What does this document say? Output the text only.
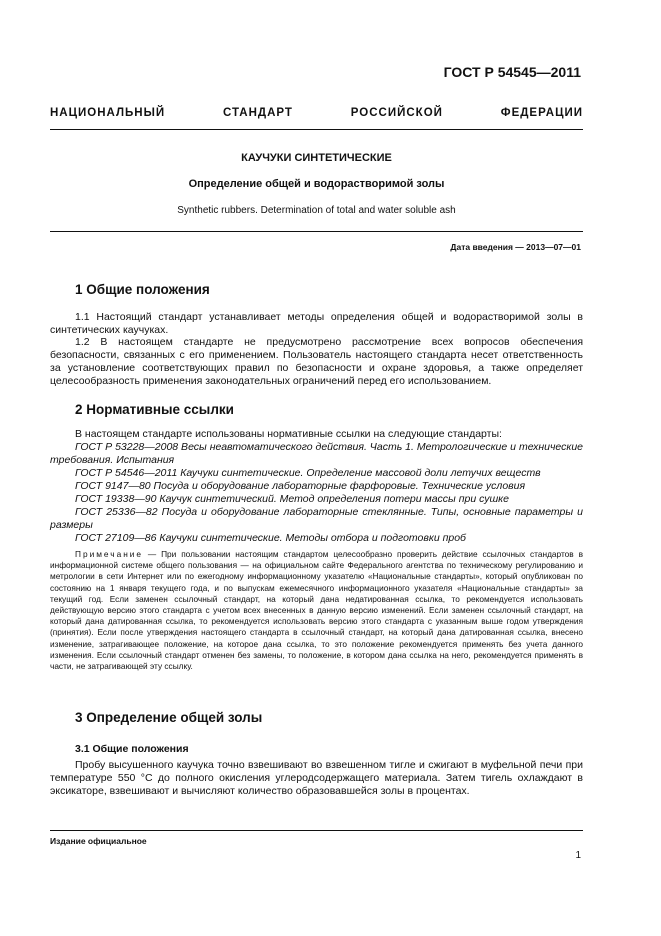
ГОСТ Р 54545—2011
НАЦИОНАЛЬНЫЙ СТАНДАРТ РОССИЙСКОЙ ФЕДЕРАЦИИ
КАУЧУКИ СИНТЕТИЧЕСКИЕ
Определение общей и водорастворимой золы
Synthetic rubbers. Determination of total and water soluble ash
Дата введения — 2013—07—01
1 Общие положения

1.1 Настоящий стандарт устанавливает методы определения общей и водорастворимой золы в синтетических каучуках.

1.2 В настоящем стандарте не предусмотрено рассмотрение всех вопросов обеспечения безопасности, связанных с его применением. Пользователь настоящего стандарта несет ответственность за установление соответствующих правил по безопасности и охране здоровья, а также определяет целесообразность применения законодательных ограничений перед его использованием.

2 Нормативные ссылки
В настоящем стандарте использованы нормативные ссылки на следующие стандарты:
ГОСТ Р 53228—2008 Весы неавтоматического действия. Часть 1. Метрологические и технические требования. Испытания
ГОСТ Р 54546—2011 Каучуки синтетические. Определение массовой доли летучих веществ
ГОСТ 9147—80 Посуда и оборудование лабораторные фарфоровые. Технические условия
ГОСТ 19338—90 Каучук синтетический. Метод определения потери массы при сушке
ГОСТ 25336—82 Посуда и оборудование лабораторные стеклянные. Типы, основные параметры и размеры
ГОСТ 27109—86 Каучуки синтетические. Методы отбора и подготовки проб

Примечание — При пользовании настоящим стандартом целесообразно проверить действие ссылочных стандартов в информационной системе общего пользования — на официальном сайте Федерального агентства по техническому регулированию и метрологии в сети Интернет или по ежегодному информационному указателю «Национальные стандарты», который опубликован по состоянию на 1 января текущего года, и по выпускам ежемесячного информационного указателя «Национальные стандарты» за текущий год. Если заменен ссылочный стандарт, на который дана недатированная ссылка, то рекомендуется использовать действующую версию этого стандарта с учетом всех внесенных в данную версию изменений. Если заменен ссылочный стандарт, на который дана датированная ссылка, то рекомендуется использовать версию этого стандарта с указанным выше годом утверждения (принятия). Если после утверждения настоящего стандарта в ссылочный стандарт, на который дана датированная ссылка, внесено изменение, затрагивающее положение, на которое дана ссылка, то это положение рекомендуется применять без учета данного изменения. Если ссылочный стандарт отменен без замены, то положение, в котором дана ссылка на него, рекомендуется применять в части, не затрагивающей эту ссылку.

3 Определение общей золы
3.1 Общие положения

Пробу высушенного каучука точно взвешивают во взвешенном тигле и сжигают в муфельной печи при температуре 550 °С до полного окисления углеродсодержащего материала. Затем тигель охлаждают в эксикаторе, взвешивают и вычисляют количество образовавшейся золы в процентах.

Издание официальное
1
